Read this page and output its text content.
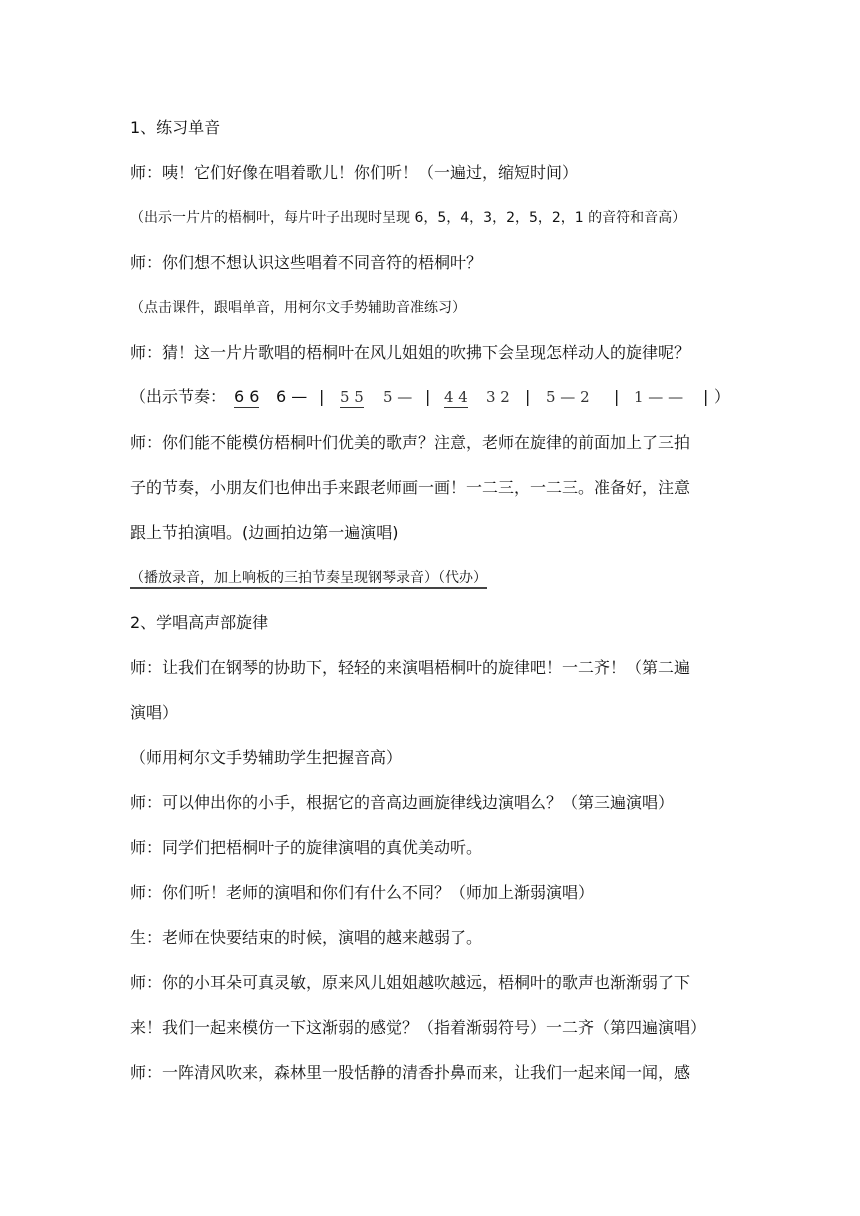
1、练习单音
师：咦！它们好像在唱着歌儿！你们听！（一遍过，缩短时间）
（出示一片片的梧桐叶，每片叶子出现时呈现 6，5，4，3，2，5，2，1 的音符和音高）
师：你们想不想认识这些唱着不同音符的梧桐叶？
（点击课件，跟唱单音，用柯尔文手势辅助音准练习）
师：猜！这一片片歌唱的梧桐叶在风儿姐姐的吹拂下会呈现怎样动人的旋律呢？
（出示节奏： 6 6 6 — | 5 5 5 — | 4 4 3 2 | 5 — 2 | 1 — — | ）
师：你们能不能模仿梧桐叶们优美的歌声？注意，老师在旋律的前面加上了三拍
子的节奏，小朋友们也伸出手来跟老师画一画！一二三，一二三。准备好，注意
跟上节拍演唱。(边画拍边第一遍演唱)
（播放录音，加上响板的三拍节奏呈现钢琴录音）（代办）
2、学唱高声部旋律
师：让我们在钢琴的协助下，轻轻的来演唱梧桐叶的旋律吧！一二齐！（第二遍
演唱）
（师用柯尔文手势辅助学生把握音高）
师：可以伸出你的小手，根据它的音高边画旋律线边演唱么？（第三遍演唱）
师：同学们把梧桐叶子的旋律演唱的真优美动听。
师：你们听！老师的演唱和你们有什么不同？（师加上渐弱演唱）
生：老师在快要结束的时候，演唱的越来越弱了。
师：你的小耳朵可真灵敏，原来风儿姐姐越吹越远，梧桐叶的歌声也渐渐弱了下
来！我们一起来模仿一下这渐弱的感觉？（指着渐弱符号）一二齐（第四遍演唱）
师：一阵清风吹来，森林里一股恬静的清香扑鼻而来，让我们一起来闻一闻，感
